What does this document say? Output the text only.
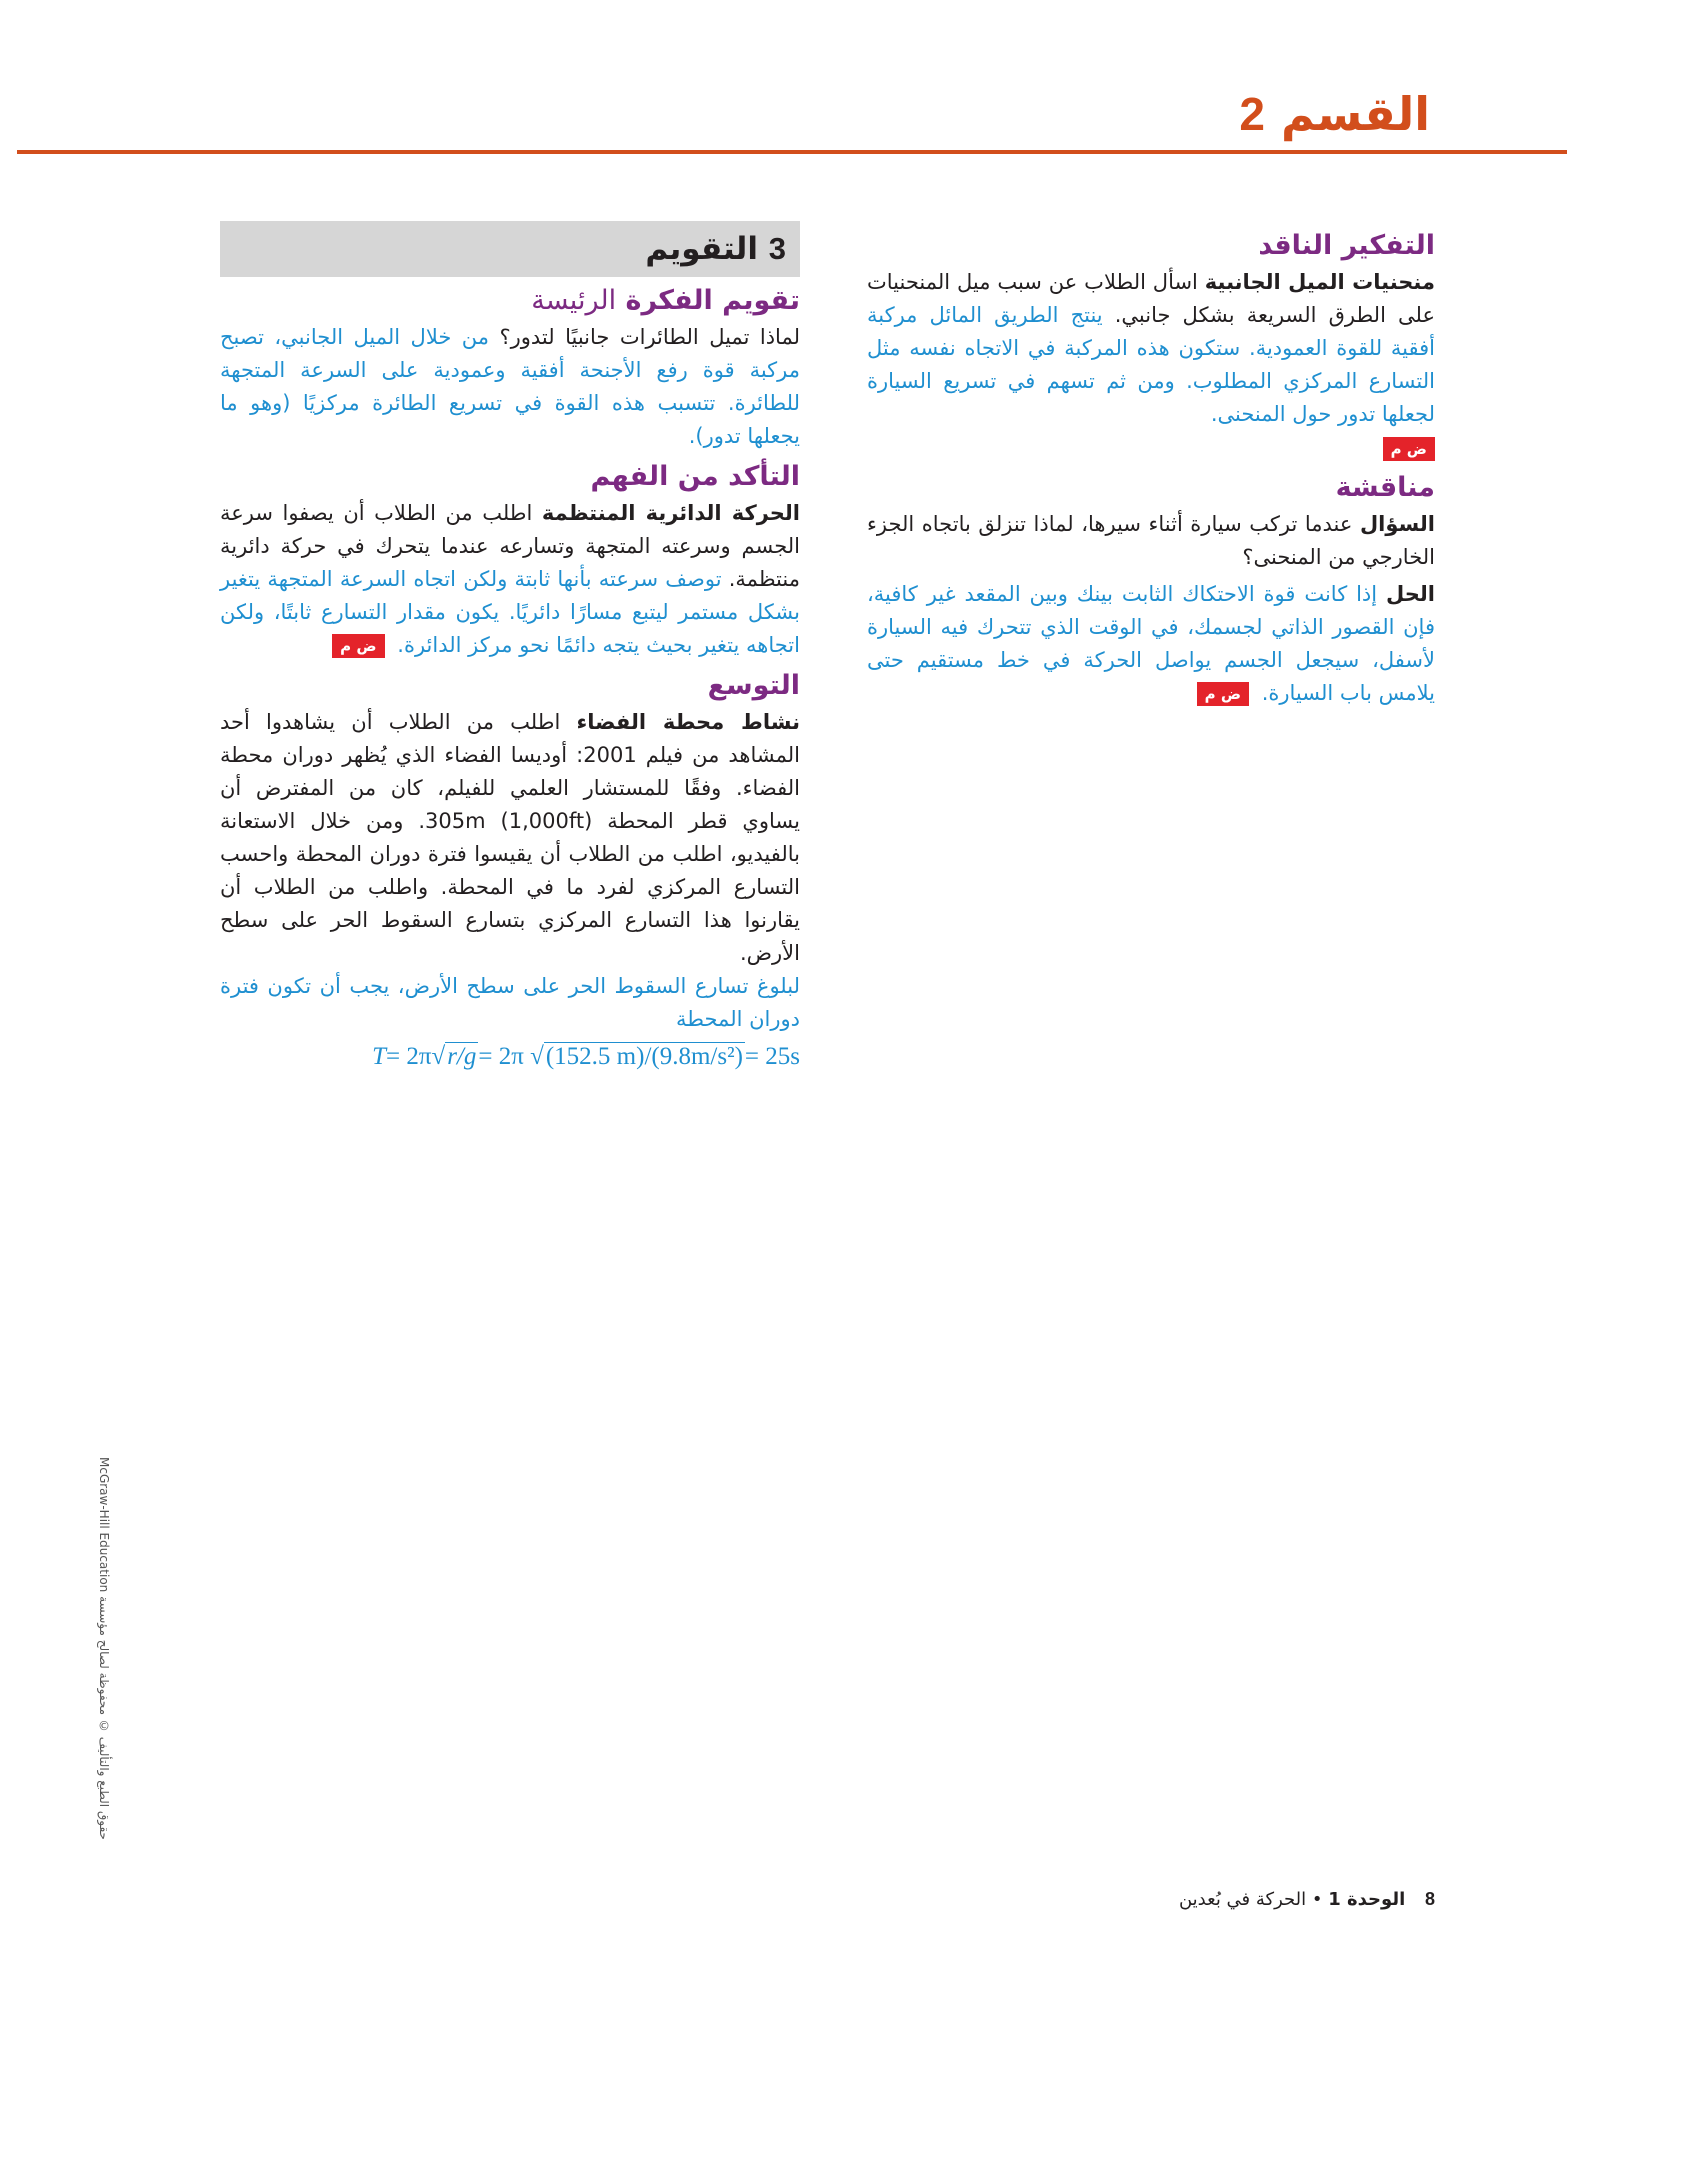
القسم 2
التفكير الناقد

منحنيات الميل الجانبية اسأل الطلاب عن سبب ميل المنحنيات على الطرق السريعة بشكل جانبي. ينتج الطريق المائل مركبة أفقية للقوة العمودية. ستكون هذه المركبة في الاتجاه نفسه مثل التسارع المركزي المطلوب. ومن ثم تسهم في تسريع السيارة لجعلها تدور حول المنحنى.

ض م

مناقشة

السؤال عندما تركب سيارة أثناء سيرها، لماذا تنزلق باتجاه الجزء الخارجي من المنحنى؟

الحل إذا كانت قوة الاحتكاك الثابت بينك وبين المقعد غير كافية، فإن القصور الذاتي لجسمك، في الوقت الذي تتحرك فيه السيارة لأسفل، سيجعل الجسم يواصل الحركة في خط مستقيم حتى يلامس باب السيارة. ض م

3 التقويم
تقويم الفكرة الرئيسة

لماذا تميل الطائرات جانبيًا لتدور؟ من خلال الميل الجانبي، تصبح مركبة قوة رفع الأجنحة أفقية وعمودية على السرعة المتجهة للطائرة. تتسبب هذه القوة في تسريع الطائرة مركزيًا (وهو ما يجعلها تدور).

التأكد من الفهم

الحركة الدائرية المنتظمة اطلب من الطلاب أن يصفوا سرعة الجسم وسرعته المتجهة وتسارعه عندما يتحرك في حركة دائرية منتظمة. توصف سرعته بأنها ثابتة ولكن اتجاه السرعة المتجهة يتغير بشكل مستمر ليتبع مسارًا دائريًا. يكون مقدار التسارع ثابتًا، ولكن اتجاهه يتغير بحيث يتجه دائمًا نحو مركز الدائرة. ض م

التوسع

نشاط محطة الفضاء اطلب من الطلاب أن يشاهدوا أحد المشاهد من فيلم 2001: أوديسا الفضاء الذي يُظهر دوران محطة الفضاء. وفقًا للمستشار العلمي للفيلم، كان من المفترض أن يساوي قطر المحطة 305m (1,000ft). ومن خلال الاستعانة بالفيديو، اطلب من الطلاب أن يقيسوا فترة دوران المحطة واحسب التسارع المركزي لفرد ما في المحطة. واطلب من الطلاب أن يقارنوا هذا التسارع المركزي بتسارع السقوط الحر على سطح الأرض.

لبلوغ تسارع السقوط الحر على سطح الأرض، يجب أن تكون فترة دوران المحطة

T= 2π√r/g= 2π √(152.5 m)/(9.8m/s²)= 25s
8 الوحدة 1 • الحركة في بُعدين
حقوق الطبع والتأليف © محفوظة لصالح مؤسسة McGraw-Hill Education
